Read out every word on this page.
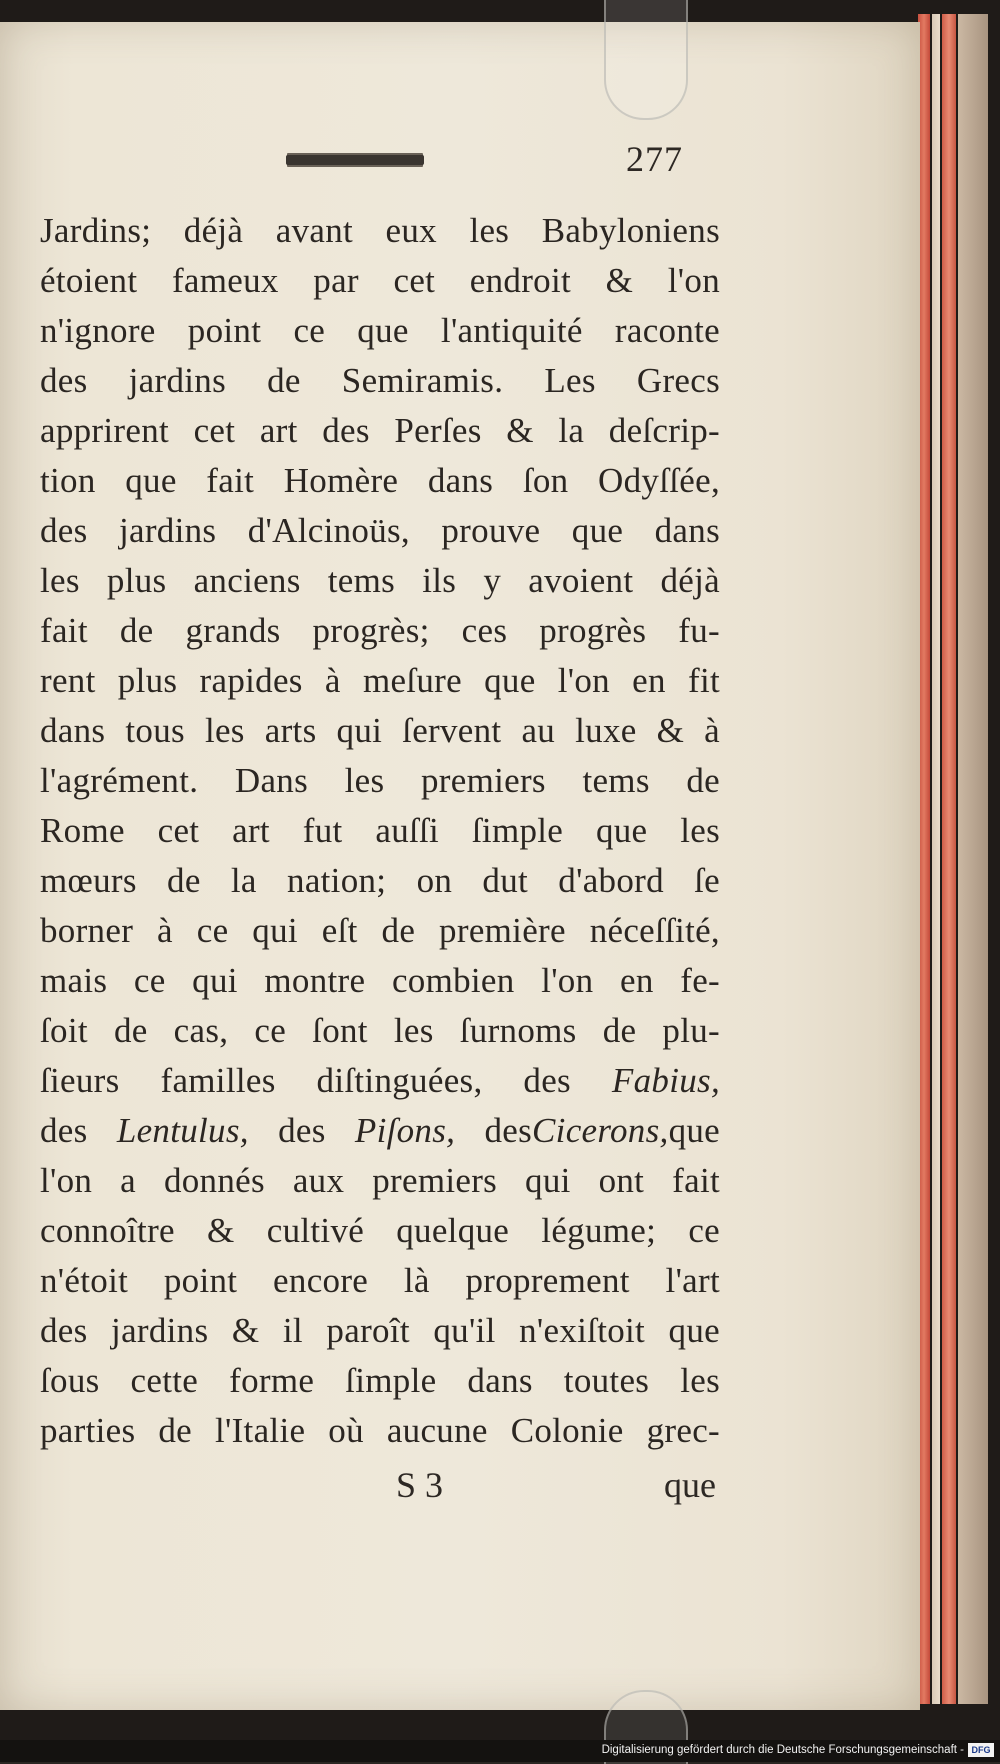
277
Jardins; déjà avant eux les Babyloniens
étoient fameux par cet endroit & l'on
n'ignore point ce que l'antiquité raconte
des jardins de Semiramis. Les Grecs
apprirent cet art des Perſes & la deſcrip-
tion que fait Homère dans ſon Odyſſée,
des jardins d'Alcinoüs, prouve que dans
les plus anciens tems ils y avoient déjà
fait de grands progrès; ces progrès fu-
rent plus rapides à meſure que l'on en fit
dans tous les arts qui ſervent au luxe & à
l'agrément. Dans les premiers tems de
Rome cet art fut auſſi ſimple que les
mœurs de la nation; on dut d'abord ſe
borner à ce qui eſt de première néceſſité,
mais ce qui montre combien l'on en fe-
ſoit de cas, ce ſont les ſurnoms de plu-
ſieurs familles diſtinguées, des Fabius,
des Lentulus, des Piſons, desCicerons,que
l'on a donnés aux premiers qui ont fait
connoître & cultivé quelque légume; ce
n'étoit point encore là proprement l'art
des jardins & il paroît qu'il n'exiſtoit que
ſous cette forme ſimple dans toutes les
parties de l'Italie où aucune Colonie grec-
S 3	que
Digitalisierung gefördert durch die Deutsche Forschungsgemeinschaft - DFG
